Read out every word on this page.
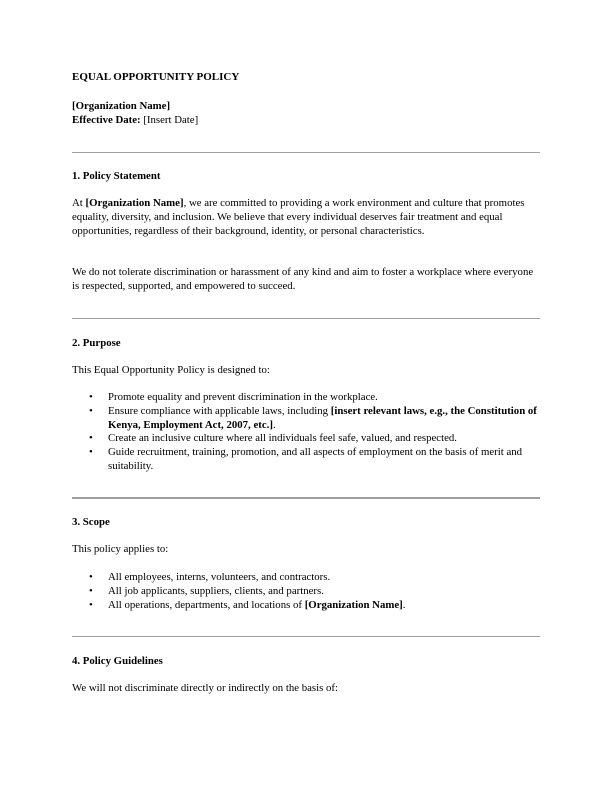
EQUAL OPPORTUNITY POLICY
[Organization Name]
Effective Date: [Insert Date]
1. Policy Statement
At [Organization Name], we are committed to providing a work environment and culture that promotes equality, diversity, and inclusion. We believe that every individual deserves fair treatment and equal opportunities, regardless of their background, identity, or personal characteristics.
We do not tolerate discrimination or harassment of any kind and aim to foster a workplace where everyone is respected, supported, and empowered to succeed.
2. Purpose
This Equal Opportunity Policy is designed to:
• Promote equality and prevent discrimination in the workplace.
• Ensure compliance with applicable laws, including [insert relevant laws, e.g., the Constitution of Kenya, Employment Act, 2007, etc.].
• Create an inclusive culture where all individuals feel safe, valued, and respected.
• Guide recruitment, training, promotion, and all aspects of employment on the basis of merit and suitability.
3. Scope
This policy applies to:
• All employees, interns, volunteers, and contractors.
• All job applicants, suppliers, clients, and partners.
• All operations, departments, and locations of [Organization Name].
4. Policy Guidelines
We will not discriminate directly or indirectly on the basis of:
